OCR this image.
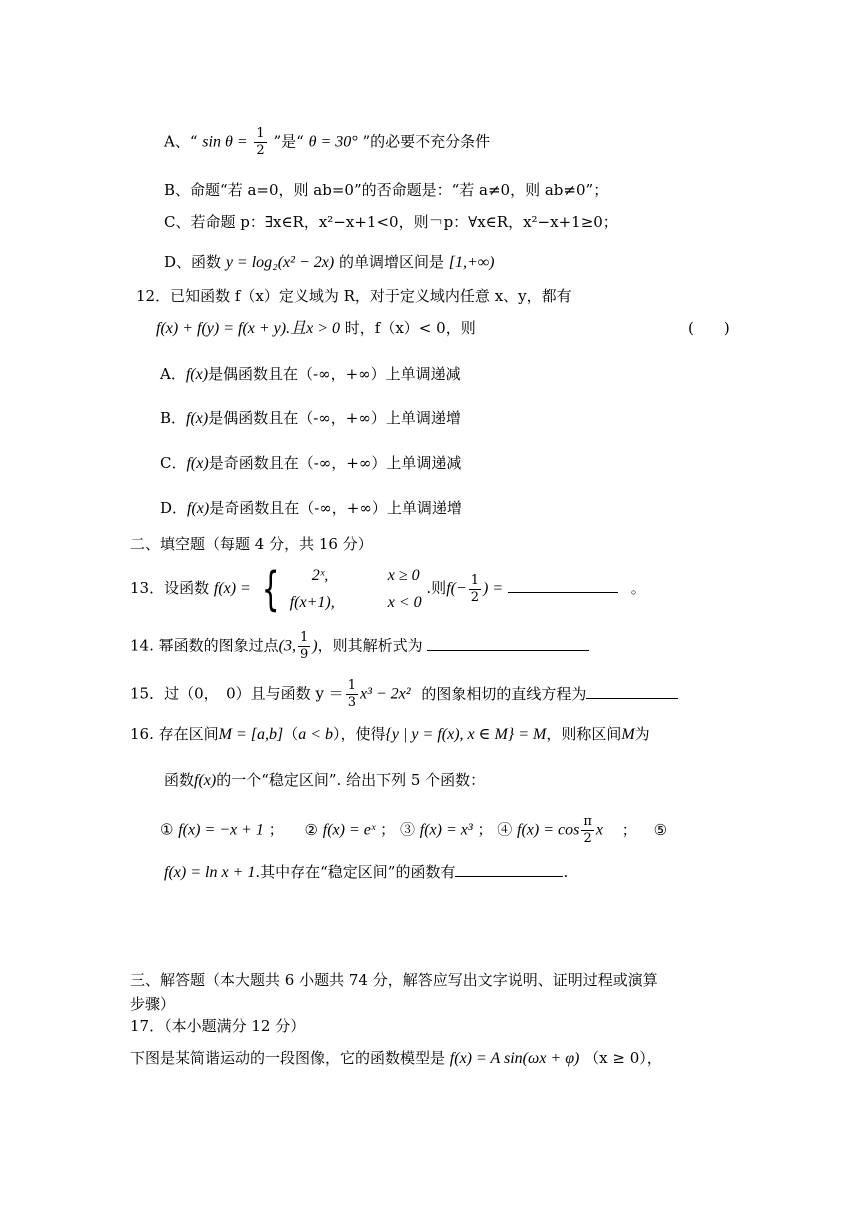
A、“ $\sin \theta = \frac{1}{2}$ ”是“ θ = 30° ”的必要不充分条件
B、命题“若 a=0，则 ab=0”的否命题是：“若 a≠0，则 ab≠0”；
C、若命题 p：∃x∈R，x²−x+1<0，则￢p：∀x∈R，x²−x+1≥0；
D、函数 y = log₂(x² − 2x) 的单调增区间是 [1,+∞)
12．已知函数 f（x）定义域为 R，对于定义域内任意 x、y，都有
f(x) + f(y) = f(x + y).且x > 0 时，f（x）< 0，则	(　　)
A．f(x)是偶函数且在（-∞，+∞）上单调递减
B．f(x)是偶函数且在（-∞，+∞）上单调递增
C．f(x)是奇函数且在（-∞，+∞）上单调递减
D．f(x)是奇函数且在（-∞，+∞）上单调递增
二、填空题（每题 4 分，共 16 分）
13．设函数 f(x) = {	2ˣ,	x ≥ 0
f(x+1),	x < 0
.则$f(- \frac{1}{2}$ ) =	。
14. 幂函数的图象过点(3, $\frac{1}{9}$ )，则其解析式为
15．过（0，　0）且与函数 $y = \frac{1}{3} x^3 - 2x^2$ 的图象相切的直线方程为
16. 存在区间M = [a,b]（a < b），使得{y | y = f(x), x ∈ M} = M，则称区间M为
函数f(x)的一个“稳定区间”. 给出下列 5 个函数：
① f(x) = −x + 1 ； ② f(x) = eˣ ； ③ f(x) = x³ ； ④ $f(x) = \cos \frac{\pi}{2}$ x ； ⑤
f(x) = ln x + 1.其中存在“稳定区间”的函数有	.
三、解答题（本大题共 6 小题共 74 分，解答应写出文字说明、证明过程或演算
步骤）
17．（本小题满分 12 分）
下图是某简谐运动的一段图像，它的函数模型是 f(x) = A sin(ωx + φ) （x ≥ 0），
